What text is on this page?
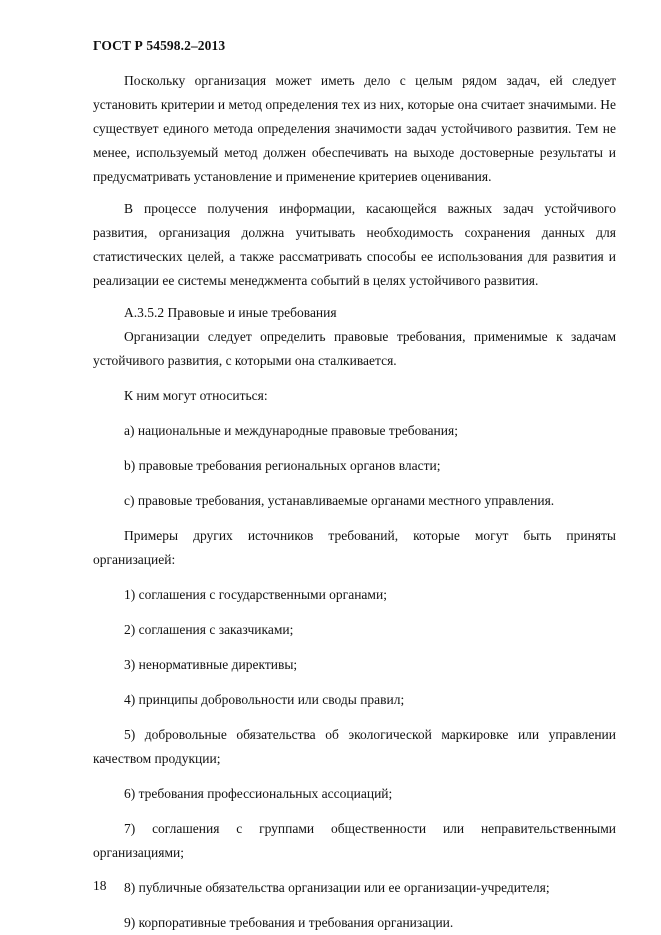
ГОСТ Р 54598.2–2013

Поскольку организация может иметь дело с целым рядом задач, ей следует установить критерии и метод определения тех из них, которые она считает значимыми. Не существует единого метода определения значимости задач устойчивого развития. Тем не менее, используемый метод должен обеспечивать на выходе достоверные результаты и предусматривать установление и применение критериев оценивания.

В процессе получения информации, касающейся важных задач устойчивого развития, организация должна учитывать необходимость сохранения данных для статистических целей, а также рассматривать способы ее использования для развития и реализации ее системы менеджмента событий в целях устойчивого развития.

А.3.5.2 Правовые и иные требования

Организации следует определить правовые требования, применимые к задачам устойчивого развития, с которыми она сталкивается.

К ним могут относиться:

a) национальные и международные правовые требования;

b) правовые требования региональных органов власти;

c) правовые требования, устанавливаемые органами местного управления.

Примеры других источников требований, которые могут быть приняты организацией:

1) соглашения с государственными органами;

2) соглашения с заказчиками;

3) ненормативные директивы;

4) принципы добровольности или своды правил;

5) добровольные обязательства об экологической маркировке или управлении качеством продукции;

6) требования профессиональных ассоциаций;

7) соглашения с группами общественности или неправительственными организациями;

8) публичные обязательства организации или ее организации-учредителя;

9) корпоративные требования и требования организации.

18
